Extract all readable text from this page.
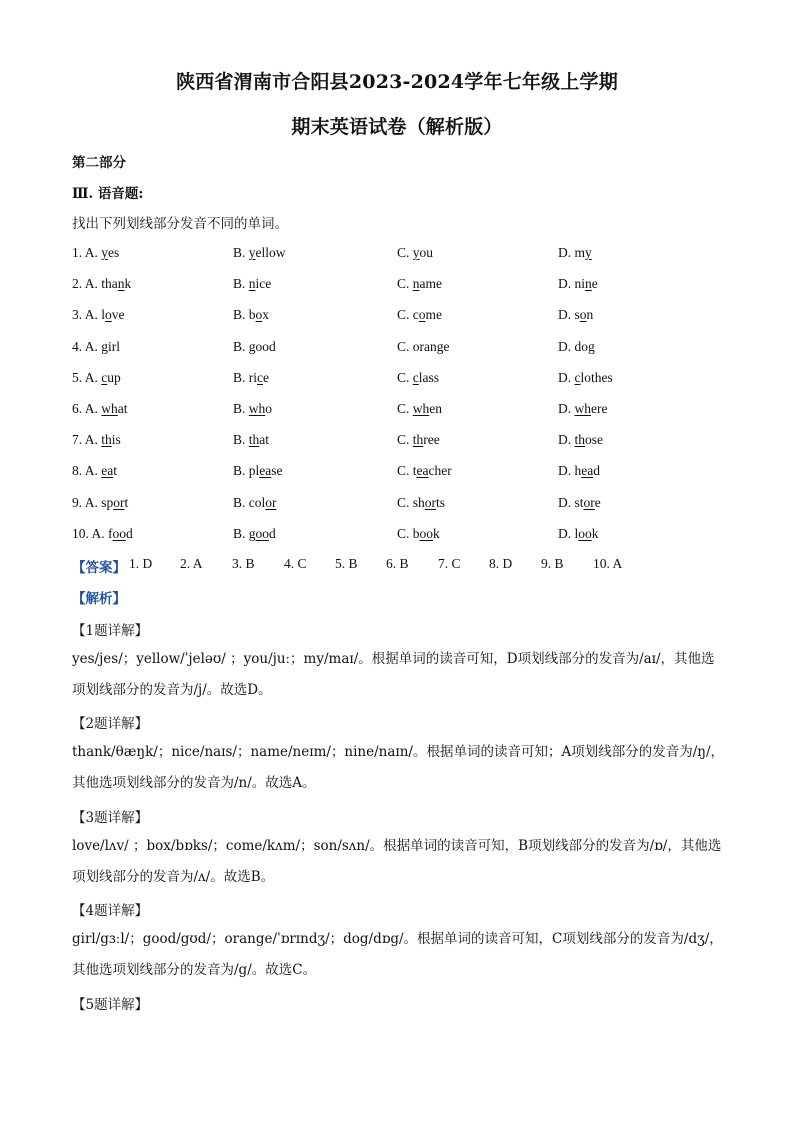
陕西省渭南市合阳县2023-2024学年七年级上学期
期末英语试卷（解析版）
第二部分
Ⅲ. 语音题:
找出下列划线部分发音不同的单词。
1. A. yes	B. yellow	C. you	D. my
2. A. thank	B. nice	C. name	D. nine
3. A. love	B. box	C. come	D. son
4. A. girl	B. good	C. orange	D. dog
5. A. cup	B. rice	C. class	D. clothes
6. A. what	B. who	C. when	D. where
7. A. this	B. that	C. three	D. those
8. A. eat	B. please	C. teacher	D. head
9. A. sport	B. color	C. shorts	D. store
10. A. food	B. good	C. book	D. look
【答案】 1. D 2. A 3. B 4. C 5. B 6. B 7. C 8. D 9. B 10. A
【解析】
【1题详解】
yes/jes/；yellow/ˈjeləʊ/ ；you/juː；my/maɪ/。根据单词的读音可知，D项划线部分的发音为/aɪ/，其他选项划线部分的发音为/j/。故选D。
【2题详解】
thank/θæŋk/；nice/naɪs/；name/neɪm/；nine/naɪn/。根据单词的读音可知；A项划线部分的发音为/ŋ/，其他选项划线部分的发音为/n/。故选A。
【3题详解】
love/lʌv/ ；box/bɒks/；come/kʌm/；son/sʌn/。根据单词的读音可知，B项划线部分的发音为/ɒ/，其他选项划线部分的发音为/ʌ/。故选B。
【4题详解】
girl/gɜːl/；good/gʊd/；orange/ˈɒrɪndʒ/；dog/dɒg/。根据单词的读音可知，C项划线部分的发音为/dʒ/，其他选项划线部分的发音为/g/。故选C。
【5题详解】
